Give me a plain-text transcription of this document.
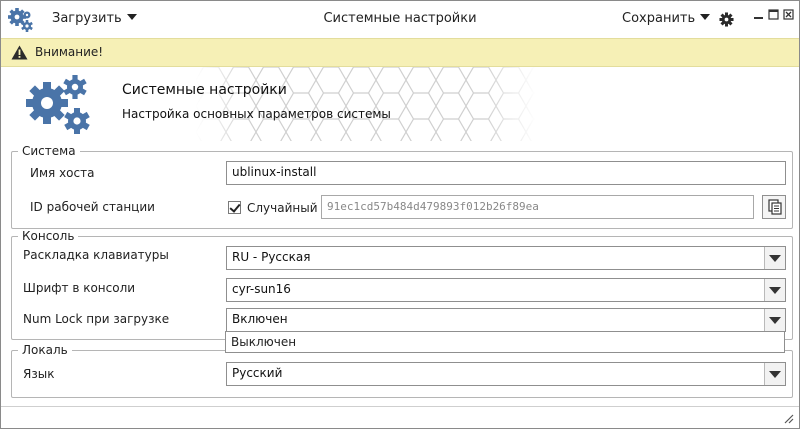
Загрузить	Системные настройки	Сохранить
Внимание!
Системные настройки
Настройка основных параметров системы
Система
Имя хоста	ublinux-install
ID рабочей станции	Случайный 91ec1cd57b484d479893f012b26f89ea
Консоль
Раскладка клавиатуры	RU - Русская
Шрифт в консоли	cyr-sun16
Num Lock при загрузке	Включен
Локаль
Язык	Русский
Выключен
